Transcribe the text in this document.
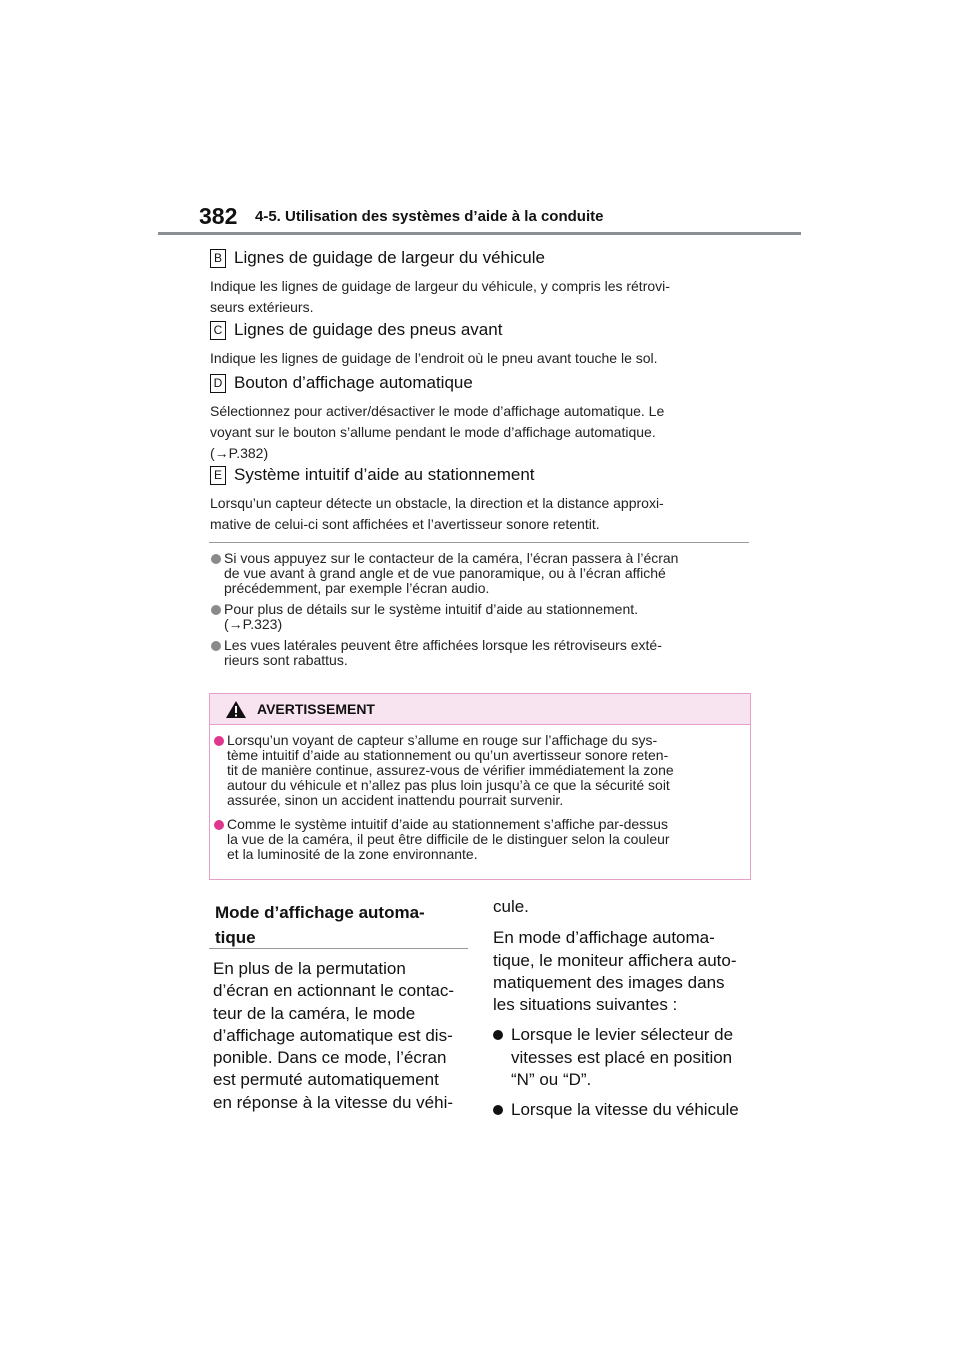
382 4-5. Utilisation des systèmes d’aide à la conduite
B Lignes de guidage de largeur du véhicule
Indique les lignes de guidage de largeur du véhicule, y compris les rétrovi-
seurs extérieurs.
C Lignes de guidage des pneus avant
Indique les lignes de guidage de l’endroit où le pneu avant touche le sol.
D Bouton d’affichage automatique
Sélectionnez pour activer/désactiver le mode d’affichage automatique. Le
voyant sur le bouton s’allume pendant le mode d’affichage automatique.
(→P.382)
E Système intuitif d’aide au stationnement
Lorsqu’un capteur détecte un obstacle, la direction et la distance approxi-
mative de celui-ci sont affichées et l’avertisseur sonore retentit.
Si vous appuyez sur le contacteur de la caméra, l’écran passera à l’écran
de vue avant à grand angle et de vue panoramique, ou à l’écran affiché
précédemment, par exemple l’écran audio.
Pour plus de détails sur le système intuitif d’aide au stationnement.
(→P.323)
Les vues latérales peuvent être affichées lorsque les rétroviseurs exté-
rieurs sont rabattus.
AVERTISSEMENT
Lorsqu’un voyant de capteur s’allume en rouge sur l’affichage du sys-
tème intuitif d’aide au stationnement ou qu’un avertisseur sonore reten-
tit de manière continue, assurez-vous de vérifier immédiatement la zone
autour du véhicule et n’allez pas plus loin jusqu’à ce que la sécurité soit
assurée, sinon un accident inattendu pourrait survenir.
Comme le système intuitif d’aide au stationnement s’affiche par-dessus
la vue de la caméra, il peut être difficile de le distinguer selon la couleur
et la luminosité de la zone environnante.
Mode d’affichage automa-
tique
En plus de la permutation
d’écran en actionnant le contac-
teur de la caméra, le mode
d’affichage automatique est dis-
ponible. Dans ce mode, l’écran
est permuté automatiquement
en réponse à la vitesse du véhi-
cule.
En mode d’affichage automa-
tique, le moniteur affichera auto-
matiquement des images dans
les situations suivantes :
Lorsque le levier sélecteur de
vitesses est placé en position
“N” ou “D”.
Lorsque la vitesse du véhicule
